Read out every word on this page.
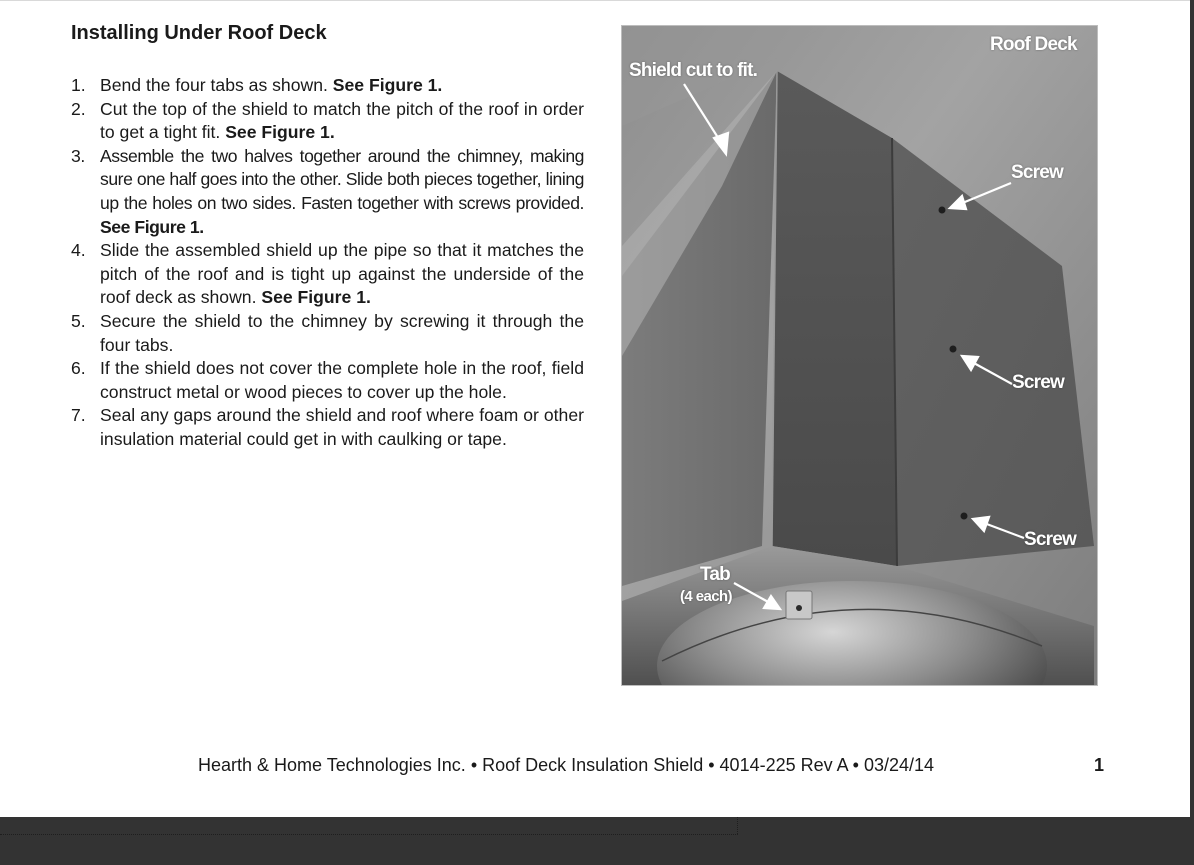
Installing Under Roof Deck
1. Bend the four tabs as shown. See Figure 1.
2. Cut the top of the shield to match the pitch of the roof in order to get a tight fit. See Figure 1.
3. Assemble the two halves together around the chimney, making sure one half goes into the other. Slide both pieces together, lining up the holes on two sides. Fasten together with screws provided. See Figure 1.
4. Slide the assembled shield up the pipe so that it matches the pitch of the roof and is tight up against the underside of the roof deck as shown. See Figure 1.
5. Secure the shield to the chimney by screwing it through the four tabs.
6. If the shield does not cover the complete hole in the roof, field construct metal or wood pieces to cover up the hole.
7. Seal any gaps around the shield and roof where foam or other insulation material could get in with caulking or tape.
Roof Deck
Shield cut to fit.
Screw
Screw
Screw
Tab
(4 each)
Hearth & Home Technologies Inc. • Roof Deck Insulation Shield • 4014-225 Rev A • 03/24/14	1
